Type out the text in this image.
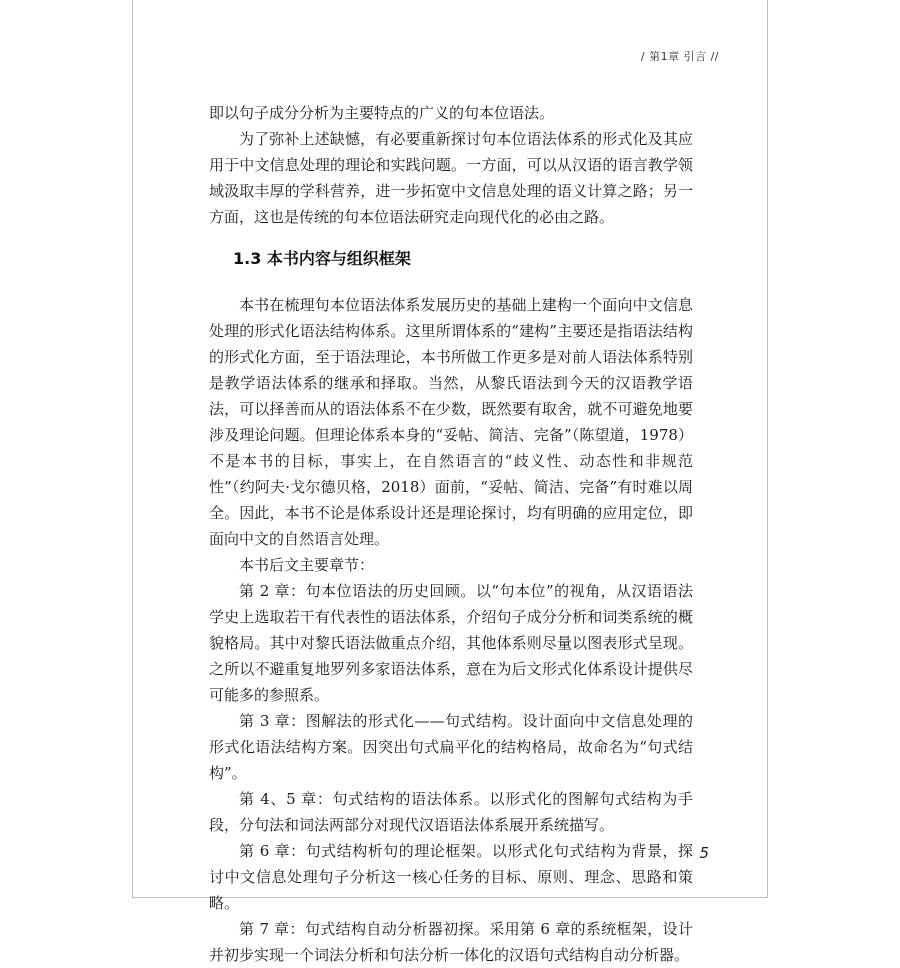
/ 第1章 引言 //

即以句子成分分析为主要特点的广义的句本位语法。

为了弥补上述缺憾，有必要重新探讨句本位语法体系的形式化及其应用于中文信息处理的理论和实践问题。一方面，可以从汉语的语言教学领域汲取丰厚的学科营养，进一步拓宽中文信息处理的语义计算之路；另一方面，这也是传统的句本位语法研究走向现代化的必由之路。

1.3 本书内容与组织框架

本书在梳理句本位语法体系发展历史的基础上建构一个面向中文信息处理的形式化语法结构体系。这里所谓体系的“建构”主要还是指语法结构的形式化方面，至于语法理论，本书所做工作更多是对前人语法体系特别是教学语法体系的继承和择取。当然，从黎氏语法到今天的汉语教学语法，可以择善而从的语法体系不在少数，既然要有取舍，就不可避免地要涉及理论问题。但理论体系本身的“妥帖、简洁、完备”（陈望道，1978）不是本书的目标，事实上，在自然语言的“歧义性、动态性和非规范性”（约阿夫·戈尔德贝格，2018）面前，“妥帖、简洁、完备”有时难以周全。因此，本书不论是体系设计还是理论探讨，均有明确的应用定位，即面向中文的自然语言处理。

本书后文主要章节：

第 2 章：句本位语法的历史回顾。以“句本位”的视角，从汉语语法学史上选取若干有代表性的语法体系，介绍句子成分分析和词类系统的概貌格局。其中对黎氏语法做重点介绍，其他体系则尽量以图表形式呈现。之所以不避重复地罗列多家语法体系，意在为后文形式化体系设计提供尽可能多的参照系。

第 3 章：图解法的形式化——句式结构。设计面向中文信息处理的形式化语法结构方案。因突出句式扁平化的结构格局，故命名为“句式结构”。

第 4、5 章：句式结构的语法体系。以形式化的图解句式结构为手段，分句法和词法两部分对现代汉语语法体系展开系统描写。

第 6 章：句式结构析句的理论框架。以形式化句式结构为背景，探讨中文信息处理句子分析这一核心任务的目标、原则、理念、思路和策略。

第 7 章：句式结构自动分析器初探。采用第 6 章的系统框架，设计并初步实现一个词法分析和句法分析一体化的汉语句式结构自动分析器。

5
